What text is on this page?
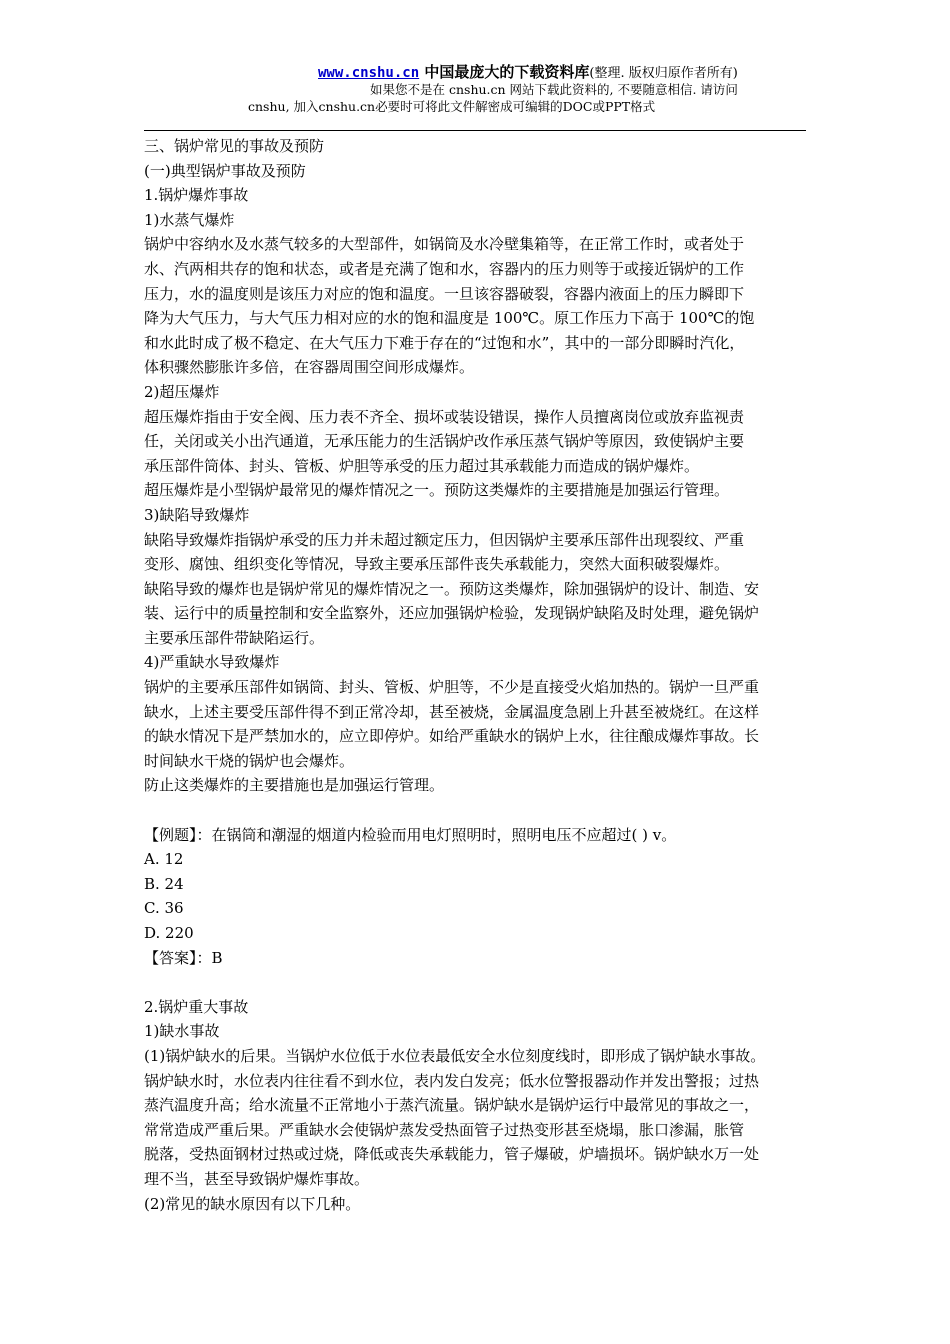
www.cnshu.cn 中国最庞大的下载资料库(整理. 版权归原作者所有)
如果您不是在 cnshu.cn 网站下载此资料的, 不要随意相信. 请访问
cnshu, 加入cnshu.cn必要时可将此文件解密成可编辑的DOC或PPT格式

三、锅炉常见的事故及预防

(一)典型锅炉事故及预防

1.锅炉爆炸事故

1)水蒸气爆炸

锅炉中容纳水及水蒸气较多的大型部件，如锅筒及水冷壁集箱等，在正常工作时，或者处于

水、汽两相共存的饱和状态，或者是充满了饱和水，容器内的压力则等于或接近锅炉的工作

压力，水的温度则是该压力对应的饱和温度。一旦该容器破裂，容器内液面上的压力瞬即下

降为大气压力，与大气压力相对应的水的饱和温度是 100℃。原工作压力下高于 100℃的饱

和水此时成了极不稳定、在大气压力下难于存在的“过饱和水”，其中的一部分即瞬时汽化，

体积骤然膨胀许多倍，在容器周围空间形成爆炸。

2)超压爆炸

超压爆炸指由于安全阀、压力表不齐全、损坏或装设错误，操作人员擅离岗位或放弃监视责

任，关闭或关小出汽通道，无承压能力的生活锅炉改作承压蒸气锅炉等原因，致使锅炉主要

承压部件筒体、封头、管板、炉胆等承受的压力超过其承载能力而造成的锅炉爆炸。

超压爆炸是小型锅炉最常见的爆炸情况之一。预防这类爆炸的主要措施是加强运行管理。

3)缺陷导致爆炸

缺陷导致爆炸指锅炉承受的压力并未超过额定压力，但因锅炉主要承压部件出现裂纹、严重

变形、腐蚀、组织变化等情况，导致主要承压部件丧失承载能力，突然大面积破裂爆炸。

缺陷导致的爆炸也是锅炉常见的爆炸情况之一。预防这类爆炸，除加强锅炉的设计、制造、安

装、运行中的质量控制和安全监察外，还应加强锅炉检验，发现锅炉缺陷及时处理，避免锅炉

主要承压部件带缺陷运行。

4)严重缺水导致爆炸

锅炉的主要承压部件如锅筒、封头、管板、炉胆等，不少是直接受火焰加热的。锅炉一旦严重

缺水，上述主要受压部件得不到正常冷却，甚至被烧，金属温度急剧上升甚至被烧红。在这样

的缺水情况下是严禁加水的，应立即停炉。如给严重缺水的锅炉上水，往往酿成爆炸事故。长

时间缺水干烧的锅炉也会爆炸。

防止这类爆炸的主要措施也是加强运行管理。

【例题】：在锅筒和潮湿的烟道内检验而用电灯照明时，照明电压不应超过( ) v。

A. 12

B. 24

C. 36

D. 220

【答案】：B

2.锅炉重大事故

1)缺水事故

(1)锅炉缺水的后果。当锅炉水位低于水位表最低安全水位刻度线时，即形成了锅炉缺水事故。

锅炉缺水时，水位表内往往看不到水位，表内发白发亮；低水位警报器动作并发出警报；过热

蒸汽温度升高；给水流量不正常地小于蒸汽流量。锅炉缺水是锅炉运行中最常见的事故之一，

常常造成严重后果。严重缺水会使锅炉蒸发受热面管子过热变形甚至烧塌，胀口渗漏，胀管

脱落，受热面钢材过热或过烧，降低或丧失承载能力，管子爆破，炉墙损坏。锅炉缺水万一处

理不当，甚至导致锅炉爆炸事故。

(2)常见的缺水原因有以下几种。
